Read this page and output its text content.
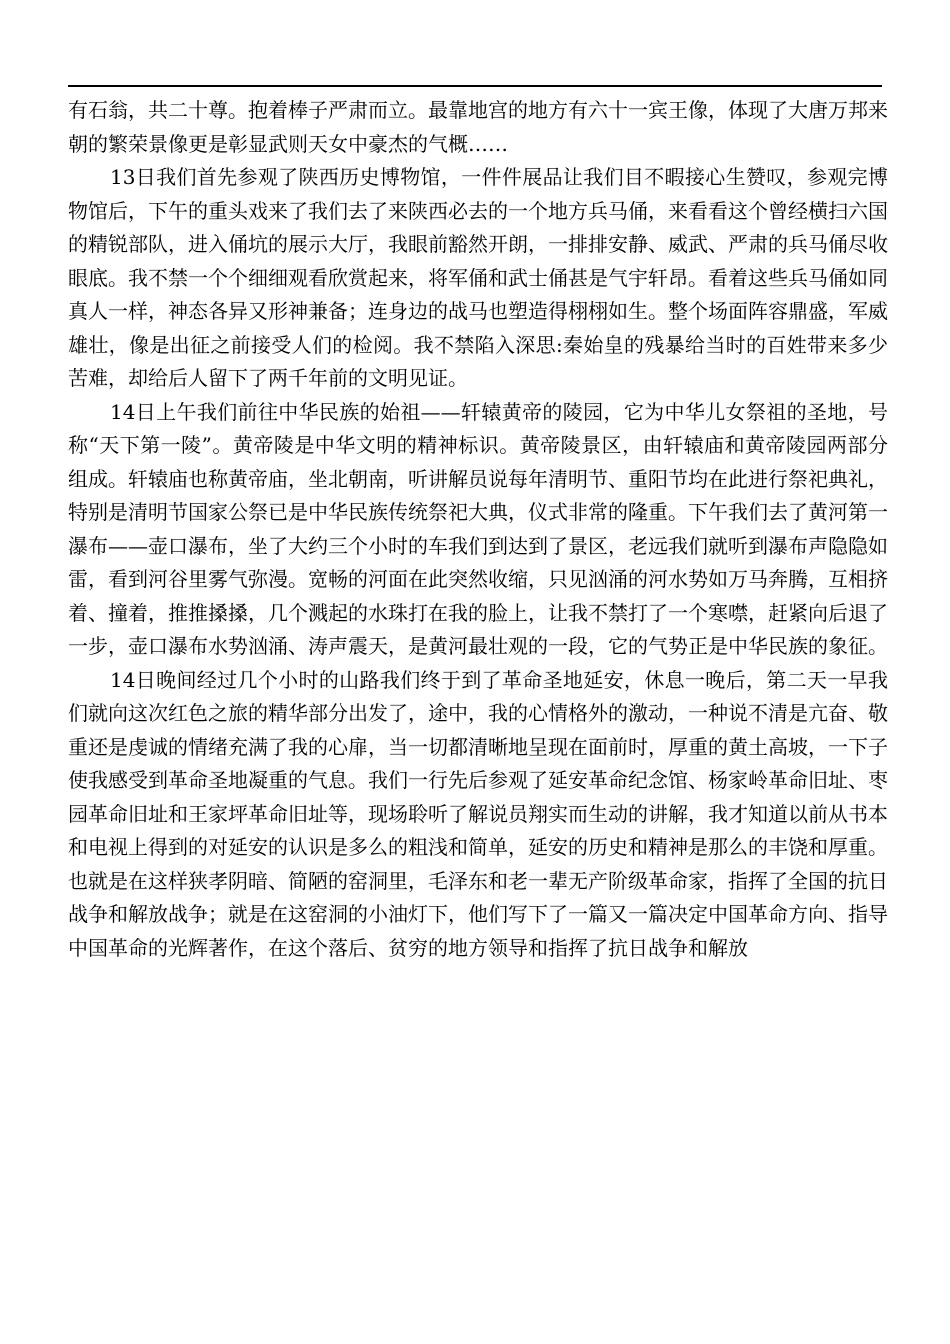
有石翁，共二十尊。抱着棒子严肃而立。最靠地宫的地方有六十一宾王像，体现了大唐万邦来朝的繁荣景像更是彰显武则天女中豪杰的气概……

13日我们首先参观了陕西历史博物馆，一件件展品让我们目不暇接心生赞叹，参观完博物馆后，下午的重头戏来了我们去了来陕西必去的一个地方兵马俑，来看看这个曾经横扫六国的精锐部队，进入俑坑的展示大厅，我眼前豁然开朗，一排排安静、威武、严肃的兵马俑尽收眼底。我不禁一个个细细观看欣赏起来，将军俑和武士俑甚是气宇轩昂。看着这些兵马俑如同真人一样，神态各异又形神兼备；连身边的战马也塑造得栩栩如生。整个场面阵容鼎盛，军威雄壮，像是出征之前接受人们的检阅。我不禁陷入深思:秦始皇的残暴给当时的百姓带来多少苦难，却给后人留下了两千年前的文明见证。

14日上午我们前往中华民族的始祖——轩辕黄帝的陵园，它为中华儿女祭祖的圣地，号称“天下第一陵”。黄帝陵是中华文明的精神标识。黄帝陵景区，由轩辕庙和黄帝陵园两部分组成。轩辕庙也称黄帝庙，坐北朝南，听讲解员说每年清明节、重阳节均在此进行祭祀典礼，特别是清明节国家公祭已是中华民族传统祭祀大典，仪式非常的隆重。下午我们去了黄河第一瀑布——壶口瀑布，坐了大约三个小时的车我们到达到了景区，老远我们就听到瀑布声隐隐如雷，看到河谷里雾气弥漫。宽畅的河面在此突然收缩，只见汹涌的河水势如万马奔腾，互相挤着、撞着，推推搡搡，几个溅起的水珠打在我的脸上，让我不禁打了一个寒噤，赶紧向后退了一步，壶口瀑布水势汹涌、涛声震天，是黄河最壮观的一段，它的气势正是中华民族的象征。

14日晚间经过几个小时的山路我们终于到了革命圣地延安，休息一晚后，第二天一早我们就向这次红色之旅的精华部分出发了，途中，我的心情格外的激动，一种说不清是亢奋、敬重还是虔诚的情绪充满了我的心扉，当一切都清晰地呈现在面前时，厚重的黄土高坡，一下子使我感受到革命圣地凝重的气息。我们一行先后参观了延安革命纪念馆、杨家岭革命旧址、枣园革命旧址和王家坪革命旧址等，现场聆听了解说员翔实而生动的讲解，我才知道以前从书本和电视上得到的对延安的认识是多么的粗浅和简单，延安的历史和精神是那么的丰饶和厚重。也就是在这样狭孝阴暗、简陋的窑洞里，毛泽东和老一辈无产阶级革命家，指挥了全国的抗日战争和解放战争；就是在这窑洞的小油灯下，他们写下了一篇又一篇决定中国革命方向、指导中国革命的光辉著作，在这个落后、贫穷的地方领导和指挥了抗日战争和解放
